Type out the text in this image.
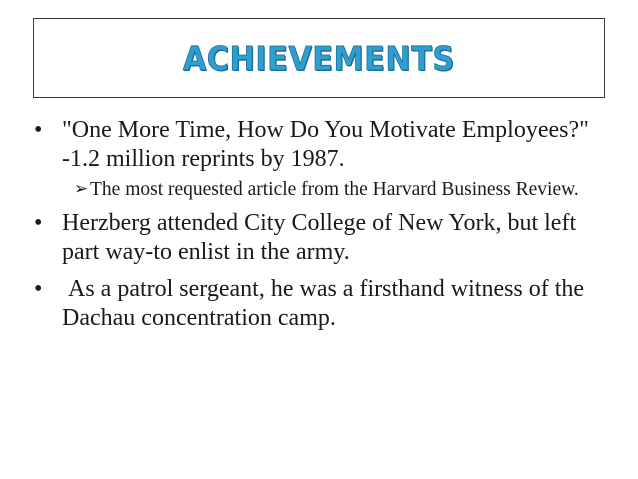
ACHIEVEMENTS
• "One More Time, How Do You Motivate Employees?" -1.2 million reprints by 1987.
➢ The most requested article from the Harvard Business Review.
• Herzberg attended City College of New York, but left part way-to enlist in the army.
• As a patrol sergeant, he was a firsthand witness of the Dachau concentration camp.
